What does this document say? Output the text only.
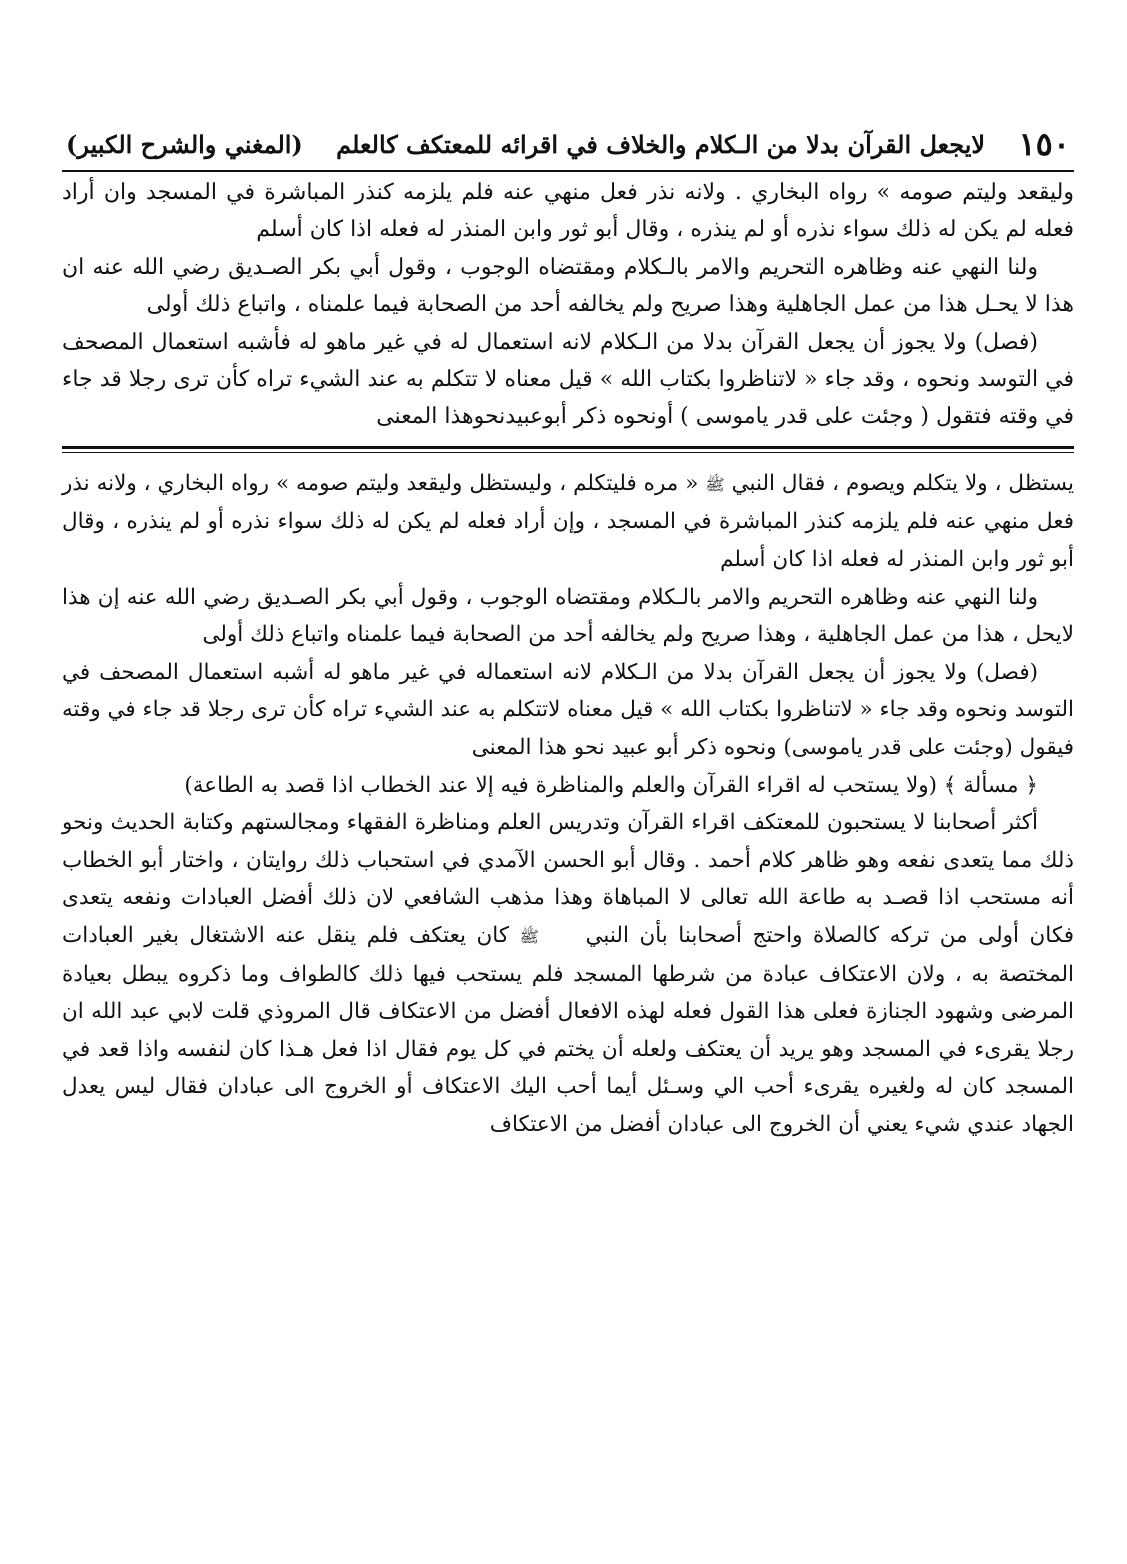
١٥٠
لايجعل القرآن بدلا من الـكلام والخلاف في اقرائه للمعتكف كالعلم
(المغني والشرح الكبير)

وليقعد وليتم صومه » رواه البخاري . ولانه نذر فعل منهي عنه فلم يلزمه كنذر المباشرة في المسجد وان أراد فعله لم يكن له ذلك سواء نذره أو لم ينذره ، وقال أبو ثور وابن المنذر له فعله اذا كان أسلم

ولنا النهي عنه وظاهره التحريم والامر بالـكلام ومقتضاه الوجوب ، وقول أبي بكر الصـديق رضي الله عنه ان هذا لا يحـل هذا من عمل الجاهلية وهذا صريح ولم يخالفه أحد من الصحابة فيما علمناه ، واتباع ذلك أولى

(فصل) ولا يجوز أن يجعل القرآن بدلا من الـكلام لانه استعمال له في غير ماهو له فأشبه استعمال المصحف في التوسد ونحوه ، وقد جاء « لاتناظروا بكتاب الله » قيل معناه لا تتكلم به عند الشيء تراه كأن ترى رجلا قد جاء في وقته فتقول ( وجئت على قدر ياموسى ) أونحوه ذكر أبوعبيدنحوهذا المعنى

يستظل ، ولا يتكلم ويصوم ، فقال النبي ﷺ « مره فليتكلم ، وليستظل وليقعد وليتم صومه » رواه البخاري ، ولانه نذر فعل منهي عنه فلم يلزمه كنذر المباشرة في المسجد ، وإن أراد فعله لم يكن له ذلك سواء نذره أو لم ينذره ، وقال أبو ثور وابن المنذر له فعله اذا كان أسلم

ولنا النهي عنه وظاهره التحريم والامر بالـكلام ومقتضاه الوجوب ، وقول أبي بكر الصـديق رضي الله عنه إن هذا لايحل ، هذا من عمل الجاهلية ، وهذا صريح ولم يخالفه أحد من الصحابة فيما علمناه واتباع ذلك أولى

(فصل) ولا يجوز أن يجعل القرآن بدلا من الـكلام لانه استعماله في غير ماهو له أشبه استعمال المصحف في التوسد ونحوه وقد جاء « لاتناظروا بكتاب الله » قيل معناه لاتتكلم به عند الشيء تراه كأن ترى رجلا قد جاء في وقته فيقول (وجئت على قدر ياموسى) ونحوه ذكر أبو عبيد نحو هذا المعنى

﴿ مسألة ﴾ (ولا يستحب له اقراء القرآن والعلم والمناظرة فيه إلا عند الخطاب اذا قصد به الطاعة)

أكثر أصحابنا لا يستحبون للمعتكف اقراء القرآن وتدريس العلم ومناظرة الفقهاء ومجالستهم وكتابة الحديث ونحو ذلك مما يتعدى نفعه وهو ظاهر كلام أحمد . وقال أبو الحسن الآمدي في استحباب ذلك روايتان ، واختار أبو الخطاب أنه مستحب اذا قصـد به طاعة الله تعالى لا المباهاة وهذا مذهب الشافعي لان ذلك أفضل العبادات ونفعه يتعدى فكان أولى من تركه كالصلاة واحتج أصحابنا بأن النبي ﷺ كان يعتكف فلم ينقل عنه الاشتغال بغير العبادات المختصة به ، ولان الاعتكاف عبادة من شرطها المسجد فلم يستحب فيها ذلك كالطواف وما ذكروه يبطل بعيادة المرضى وشهود الجنازة فعلى هذا القول فعله لهذه الافعال أفضل من الاعتكاف قال المروذي قلت لابي عبد الله ان رجلا يقرىء في المسجد وهو يريد أن يعتكف ولعله أن يختم في كل يوم فقال اذا فعل هـذا كان لنفسه واذا قعد في المسجد كان له ولغيره يقرىء أحب الي وسـئل أيما أحب اليك الاعتكاف أو الخروج الى عبادان فقال ليس يعدل الجهاد عندي شيء يعني أن الخروج الى عبادان أفضل من الاعتكاف
